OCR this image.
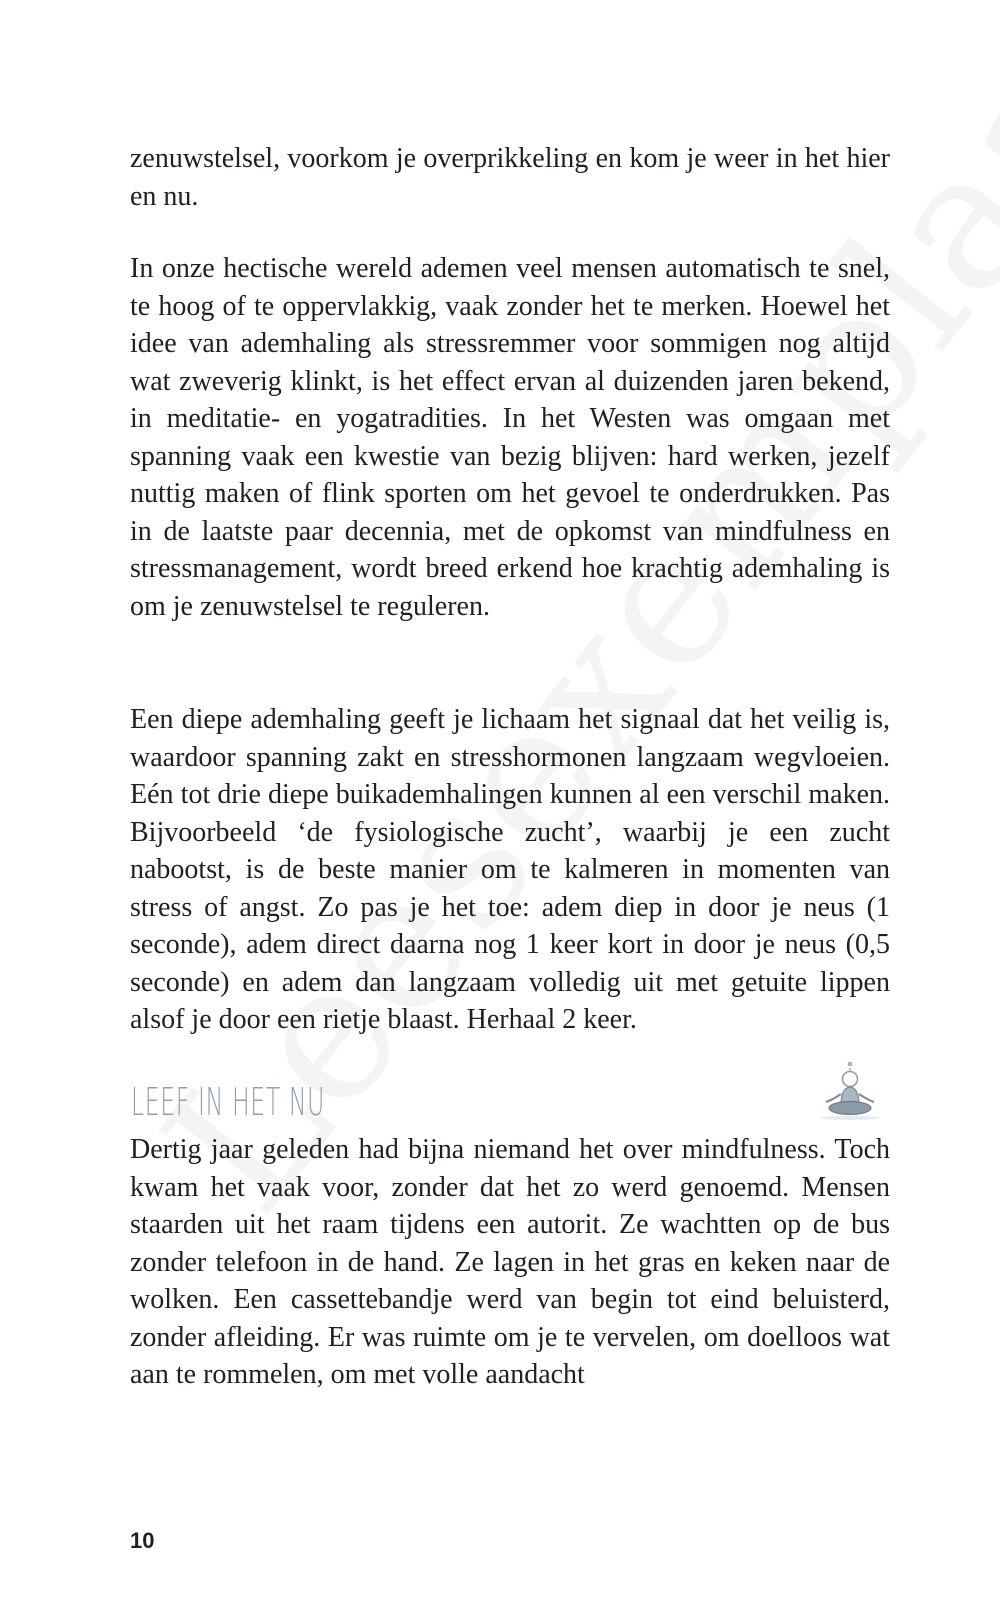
zenuwstelsel, voorkom je overprikkeling en kom je weer in het hier en nu.
In onze hectische wereld ademen veel mensen automatisch te snel, te hoog of te oppervlakkig, vaak zonder het te merken. Hoewel het idee van ademhaling als stressremmer voor sommigen nog altijd wat zweverig klinkt, is het effect ervan al duizenden jaren bekend, in meditatie- en yogatradities. In het Westen was omgaan met spanning vaak een kwestie van bezig blijven: hard werken, jezelf nuttig maken of flink sporten om het gevoel te onderdrukken. Pas in de laatste paar decennia, met de opkomst van mindfulness en stressmanagement, wordt breed erkend hoe krachtig ademhaling is om je zenuwstelsel te reguleren.
Een diepe ademhaling geeft je lichaam het signaal dat het veilig is, waardoor spanning zakt en stresshormonen langzaam wegvloeien. Eén tot drie diepe buikademhalingen kunnen al een verschil maken. Bijvoorbeeld ‘de fysiologische zucht’, waarbij je een zucht nabootst, is de beste manier om te kalmeren in momenten van stress of angst. Zo pas je het toe: adem diep in door je neus (1 seconde), adem direct daarna nog 1 keer kort in door je neus (0,5 seconde) en adem dan langzaam volledig uit met getuite lippen alsof je door een rietje blaast. Herhaal 2 keer.
LEEF IN HET NU
Dertig jaar geleden had bijna niemand het over mindfulness. Toch kwam het vaak voor, zonder dat het zo werd genoemd. Mensen staarden uit het raam tijdens een autorit. Ze wachtten op de bus zonder telefoon in de hand. Ze lagen in het gras en keken naar de wolken. Een cassettebandje werd van begin tot eind beluisterd, zonder afleiding. Er was ruimte om je te vervelen, om doelloos wat aan te rommelen, om met volle aandacht
10
